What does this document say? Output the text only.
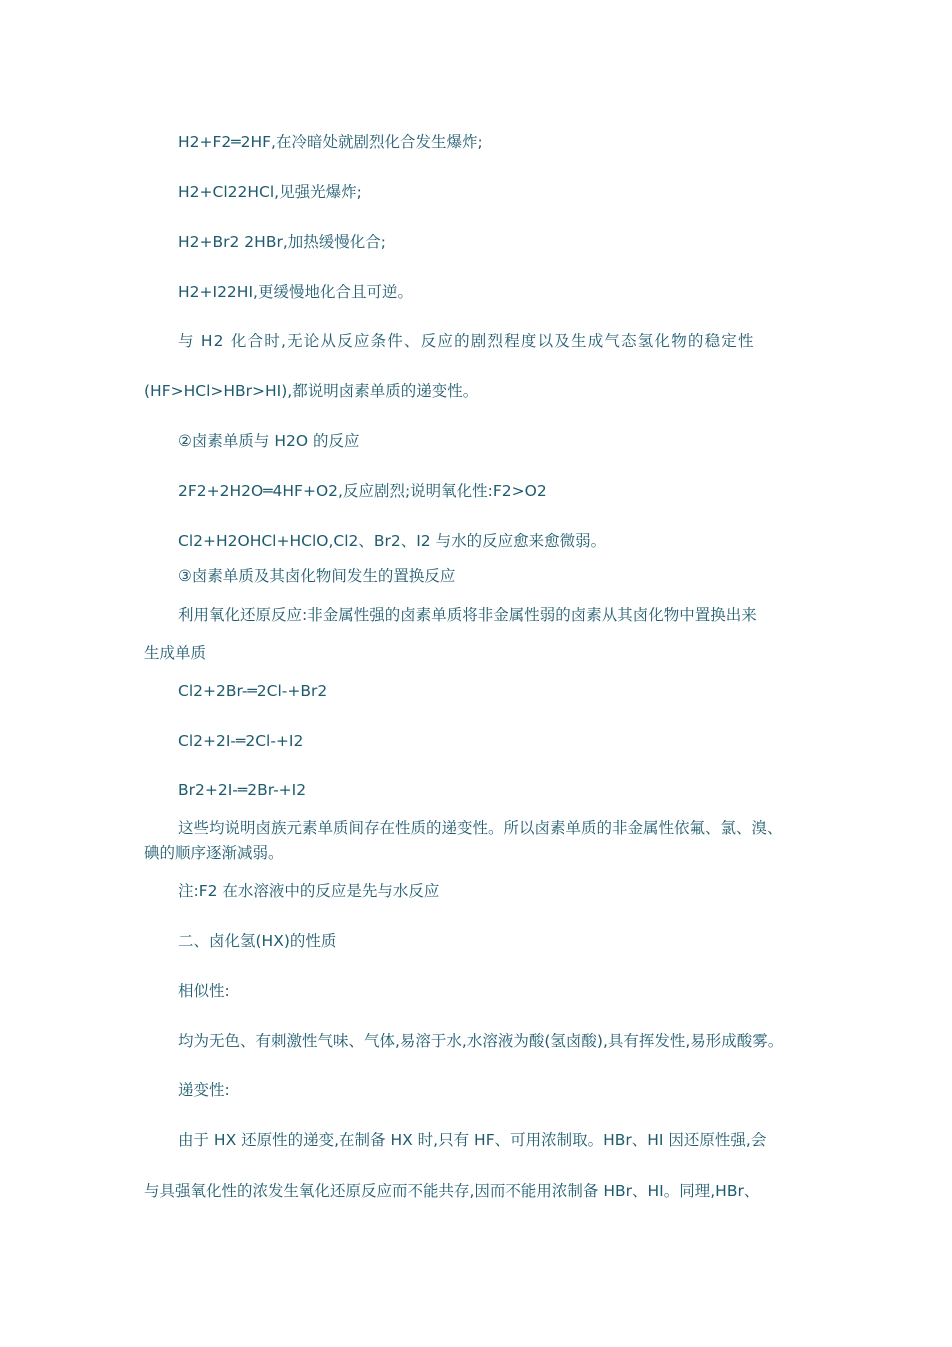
H2+F2═2HF,在冷暗处就剧烈化合发生爆炸;
H2+Cl22HCl,见强光爆炸;
H2+Br2 2HBr,加热缓慢化合;
H2+I22HI,更缓慢地化合且可逆。
与 H2 化合时,无论从反应条件、反应的剧烈程度以及生成气态氢化物的稳定性
(HF>HCl>HBr>HI),都说明卤素单质的递变性。
②卤素单质与 H2O 的反应
2F2+2H2O═4HF+O2,反应剧烈;说明氧化性:F2>O2
Cl2+H2OHCl+HClO,Cl2、Br2、I2 与水的反应愈来愈微弱。
③卤素单质及其卤化物间发生的置换反应
利用氧化还原反应:非金属性强的卤素单质将非金属性弱的卤素从其卤化物中置换出来
生成单质
Cl2+2Br-═2Cl-+Br2
Cl2+2I-═2Cl-+I2
Br2+2I-═2Br-+I2
这些均说明卤族元素单质间存在性质的递变性。所以卤素单质的非金属性依氟、氯、溴、
碘的顺序逐渐减弱。
注:F2 在水溶液中的反应是先与水反应
二、卤化氢(HX)的性质
相似性:
均为无色、有刺激性气味、气体,易溶于水,水溶液为酸(氢卤酸),具有挥发性,易形成酸雾。
递变性:
由于 HX 还原性的递变,在制备 HX 时,只有 HF、可用浓制取。HBr、HI 因还原性强,会
与具强氧化性的浓发生氧化还原反应而不能共存,因而不能用浓制备 HBr、HI。同理,HBr、
